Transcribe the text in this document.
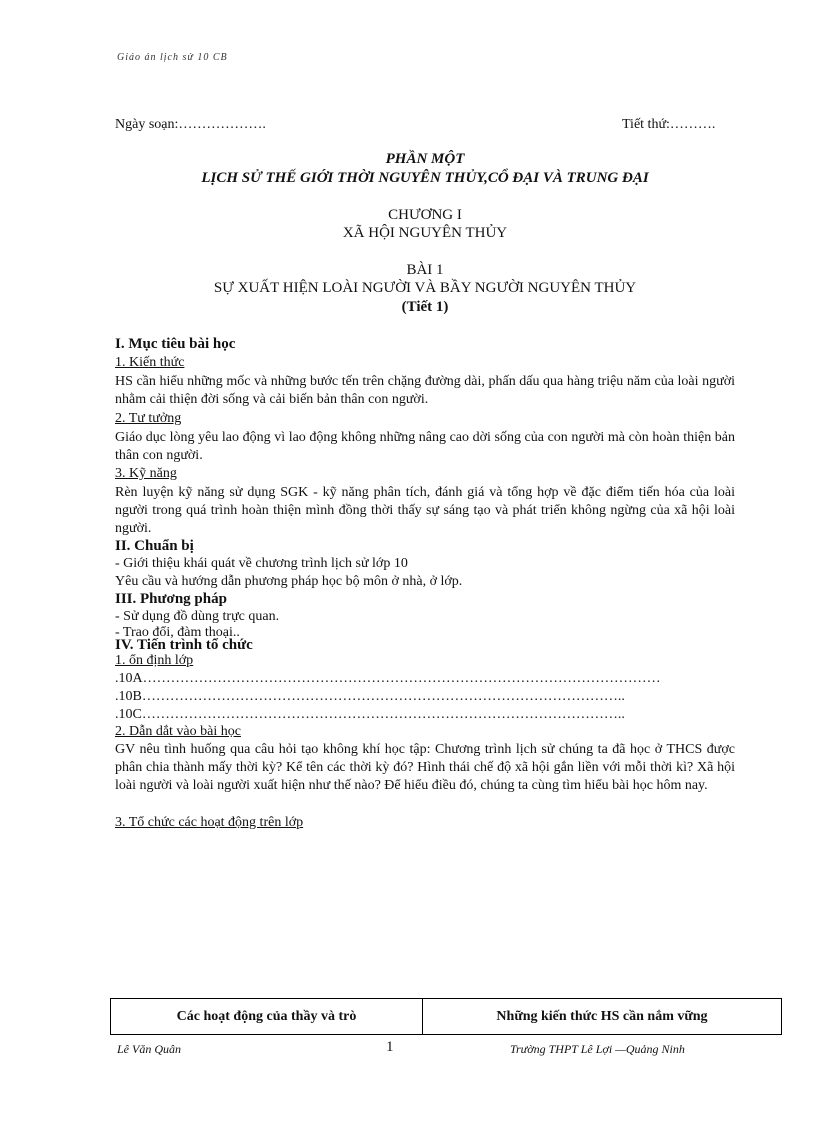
Giáo án lịch sử 10 CB
Ngày soạn:……………….	Tiết thứ:……….
PHẦN MỘT
LỊCH SỬ THẾ GIỚI THỜI NGUYÊN THỦY,CỔ ĐẠI VÀ TRUNG ĐẠI
CHƯƠNG I
XÃ HỘI NGUYÊN THỦY
BÀI 1
SỰ XUẤT HIỆN LOÀI NGƯỜI VÀ BẦY NGƯỜI NGUYÊN THỦY
(Tiết 1)
I. Mục tiêu bài học
1. Kiến thức
HS cần hiểu những mốc và những bước tến trên chặng đường dài, phấn dấu qua hàng triệu năm của loài người nhằm cải thiện đời sống và cải biến bản thân con người.
2. Tư tưởng
Giáo dục lòng yêu lao động vì lao động không những nâng cao dời sống của con người mà còn hoàn thiện bản thân con người.
3. Kỹ năng
Rèn luyện kỹ năng sử dụng SGK - kỹ năng phân tích, đánh giá và tổng hợp về đặc điểm tiến hóa của loài người trong quá trình hoàn thiện mình đồng thời thấy sự sáng tạo và phát triển không ngừng của xã hội loài người.
II. Chuẩn bị
- Giới thiệu khái quát về chương trình lịch sử lớp 10
Yêu cầu và hướng dẫn phương pháp học bộ môn ở nhà, ở lớp.
III. Phương pháp
- Sử dụng đồ dùng trực quan.
- Trao đổi, đàm thoại..
IV. Tiến trình tổ chức
1. ổn định lớp
.10A…………………………………………………………………………………………………
.10B…………………………………………………………………………………………..
.10C…………………………………………………………………………………………..
2. Dẫn dắt vào bài học
GV nêu tình huống qua câu hỏi tạo không khí học tập: Chương trình lịch sử chúng ta đã học ở THCS được phân chia thành mấy thời kỳ? Kể tên các thời kỳ đó? Hình thái chế độ xã hội gắn liền với mỗi thời kì? Xã hội loài người và loài người xuất hiện như thế nào? Để hiểu điều đó, chúng ta cùng tìm hiểu bài học hôm nay.
3. Tổ chức các hoạt động trên lớp
Các hoạt động của thầy và trò	Những kiến thức HS cần nắm vững
Lê Văn Quân	1	Trường THPT Lê Lợi —Quảng Ninh
